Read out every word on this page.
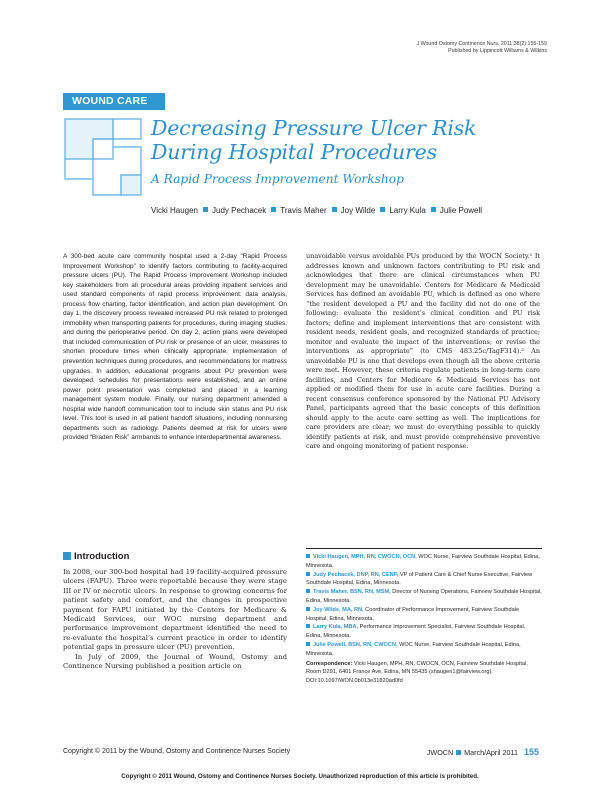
J Wound Ostomy Continence Nurs. 2011;38(2):155-159
Published by Lippincott Williams & Wilkins
WOUND CARE
Decreasing Pressure Ulcer Risk During Hospital Procedures
A Rapid Process Improvement Workshop
Vicki Haugen Judy Pechacek Travis Maher Joy Wilde Larry Kula Julie Powell
A 300-bed acute care community hospital used a 2-day “Rapid Process Improvement Workshop” to identify factors contributing to facility-acquired pressure ulcers (PU). The Rapid Process Improvement Workshop included key stakeholders from all procedural areas providing inpatient services and used standard components of rapid process improvement: data analysis, process flow charting, factor identification, and action plan development. On day 1, the discovery process revealed increased PU risk related to prolonged immobility when transporting patients for procedures, during imaging studies, and during the perioperative period. On day 2, action plans were developed that included communication of PU risk or presence of an ulcer, measures to shorten procedure times when clinically appropriate, implementation of prevention techniques during procedures, and recommendations for mattress upgrades. In addition, educational programs about PU prevention were developed, schedules for presentations were established, and an online power point presentation was completed and placed in a learning management system module. Finally, our nursing department amended a hospital wide handoff communication tool to include skin status and PU risk level. This tool is used in all patient handoff situations, including nonnursing departments such as radiology. Patients deemed at risk for ulcers were provided “Braden Risk” armbands to enhance interdepartmental awareness.

unavoidable versus avoidable PUs produced by the WOCN Society.¹ It addresses known and unknown factors contributing to PU risk and acknowledges that there are clinical circumstances when PU development may be unavoidable. Centers for Medicare & Medicaid Services has defined an avoidable PU, which is defined as one where “the resident developed a PU and the facility did not do one of the following: evaluate the resident’s clinical condition and PU risk factors; define and implement interventions that are consistent with resident needs, resident goals, and recognized standards of practice; monitor and evaluate the impact of the interventions; or revise the interventions as appropriate” (to CMS 483.25c/TagF314).² An unavoidable PU is one that develops even though all the above criteria were met. However, these criteria regulate patients in long-term care facilities, and Centers for Medicare & Medicaid Services has not applied or modified them for use in acute care facilities. During a recent consensus conference sponsored by the National PU Advisory Panel, participants agreed that the basic concepts of this definition should apply to the acute care setting as well. The implications for care providers are clear; we must do everything possible to quickly identify patients at risk, and must provide comprehensive preventive care and ongoing monitoring of patient response.

Introduction

In 2008, our 300-bed hospital had 19 facility-acquired pressure ulcers (FAPU). Three were reportable because they were stage III or IV or necrotic ulcers. In response to growing concerns for patient safety and comfort, and the changes in prospective payment for FAPU initiated by the Centers for Medicare & Medicaid Services, our WOC nursing department and performance improvement department identified the need to re-evaluate the hospital’s current practice in order to identify potential gaps in pressure ulcer (PU) prevention.

In July of 2009, the Journal of Wound, Ostomy and Continence Nursing published a position article on

Vicki Haugen, MPH, RN, CWOCN, OCN, WOC Nurse, Fairview Southdale Hospital, Edina, Minnesota.
Judy Pechacek, DNP, RN, CENP, VP of Patient Care & Chief Nurse Executive, Fairview Southdale Hospital, Edina, Minnesota.
Travis Maher, BSN, RN, MSM, Director of Nursing Operations, Fairview Southdale Hospital, Edina, Minnesota.
Joy Wilde, MA, RN, Coordinator of Performance Improvement, Fairview Southdale Hospital, Edina, Minnesota.
Larry Kula, MBA, Performance Improvement Specialist, Fairview Southdale Hospital, Edina, Minnesota.
Julie Powell, BSN, RN, CWOCN, WOC Nurse, Fairview Southdale Hospital, Edina, Minnesota.
Correspondence: Vicki Haugen, MPH, RN, CWOCN, OCN, Fairview Southdale Hospital, Room D291, 6401 France Ave, Edina, MN 55435 (shaugen1@fairview.org).
DOI:10.1097/WON.0b013e31820ad0fd
Copyright © 2011 by the Wound, Ostomy and Continence Nurses Society	JWOCN March/April 2011 155
Copyright © 2011 Wound, Ostomy and Continence Nurses Society. Unauthorized reproduction of this article is prohibited.
